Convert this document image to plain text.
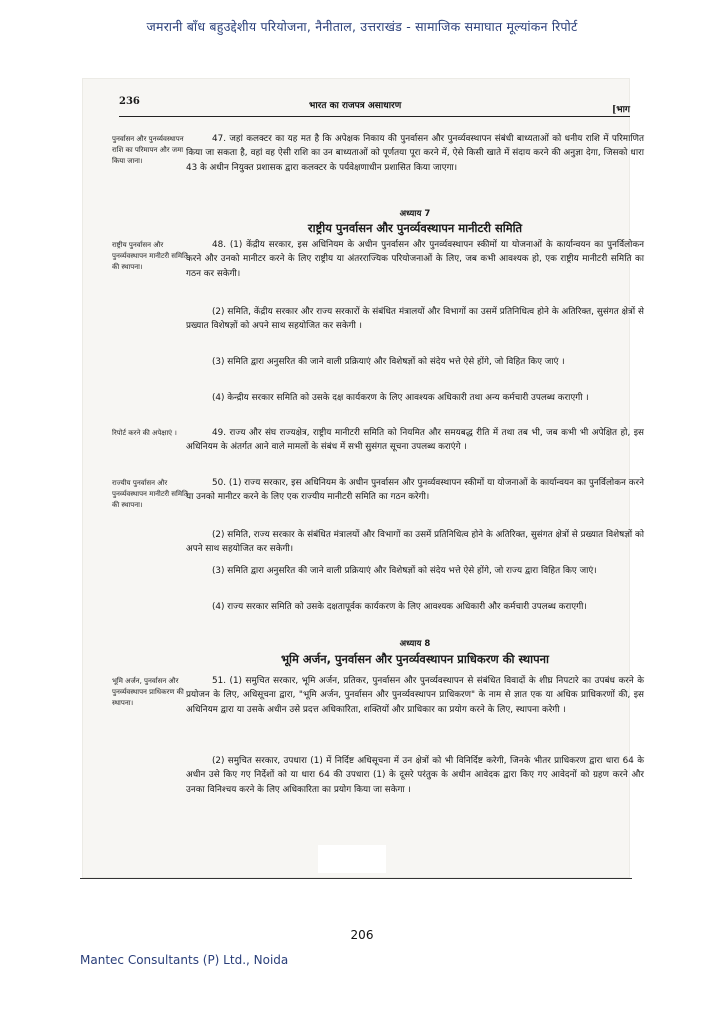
जमरानी बाँध बहुउद्देशीय परियोजना, नैनीताल, उत्तराखंड - सामाजिक समाघात मूल्यांकन रिपोर्ट
236	भारत का राजपत्र असाधारण	[भाग
पुनर्वासन और पुनर्व्यवस्थापन राशि का परिमापन और जमा किया जाना।
47. जहां कलक्टर का यह मत है कि अपेक्षक निकाय की पुनर्वासन और पुनर्व्यवस्थापन संबंधी बाध्यताओं को धनीय राशि में परिमाणित किया जा सकता है, वहां वह ऐसी राशि का उन बाध्यताओं को पूर्णतया पूरा करने में, ऐसे किसी खाते में संदाय करने की अनुज्ञा देगा, जिसको धारा 43 के अधीन नियुक्त प्रशासक द्वारा कलक्टर के पर्यवेक्षणाधीन प्रशासित किया जाएगा।
अध्याय 7
राष्ट्रीय पुनर्वासन और पुनर्व्यवस्थापन मानीटरी समिति
राष्ट्रीय पुनर्वासन और पुनर्व्यवस्थापन मानीटरी समिति की स्थापना।
48. (1) केंद्रीय सरकार, इस अधिनियम के अधीन पुनर्वासन और पुनर्व्यवस्थापन स्कीमों या योजनाओं के कार्यान्वयन का पुनर्विलोकन करने और उनको मानीटर करने के लिए राष्ट्रीय या अंतरराज्यिक परियोजनाओं के लिए, जब कभी आवश्यक हो, एक राष्ट्रीय मानीटरी समिति का गठन कर सकेगी।
(2) समिति, केंद्रीय सरकार और राज्य सरकारों के संबंधित मंत्रालयों और विभागों का उसमें प्रतिनिधित्व होने के अतिरिक्त, सुसंगत क्षेत्रों से प्रख्यात विशेषज्ञों को अपने साथ सहयोजित कर सकेगी ।
(3) समिति द्वारा अनुसरित की जाने वाली प्रक्रियाएं और विशेषज्ञों को संदेय भत्ते ऐसे होंगे, जो विहित किए जाएं ।
(4) केन्द्रीय सरकार समिति को उसके दक्ष कार्यकरण के लिए आवश्यक अधिकारी तथा अन्य कर्मचारी उपलब्ध कराएगी ।
रिपोर्ट करने की अपेक्षाएं ।	49. राज्य और संघ राज्यक्षेत्र, राष्ट्रीय मानीटरी समिति को नियमित और समयबद्ध रीति में तथा तब भी, जब कभी भी अपेक्षित हो, इस अधिनियम के अंतर्गत आने वाले मामलों के संबंध में सभी सुसंगत सूचना उपलब्ध कराएंगे ।
राज्यीय पुनर्वासन और पुनर्व्यवस्थापन मानीटरी समिति की स्थापना।
50. (1) राज्य सरकार, इस अधिनियम के अधीन पुनर्वासन और पुनर्व्यवस्थापन स्कीमों या योजनाओं के कार्यान्वयन का पुनर्विलोकन करने या उनको मानीटर करने के लिए एक राज्यीय मानीटरी समिति का गठन करेगी।
(2) समिति, राज्य सरकार के संबंधित मंत्रालयों और विभागों का उसमें प्रतिनिधित्व होने के अतिरिक्त, सुसंगत क्षेत्रों से प्रख्यात विशेषज्ञों को अपने साथ सहयोजित कर सकेगी।
(3) समिति द्वारा अनुसरित की जाने वाली प्रक्रियाएं और विशेषज्ञों को संदेय भत्ते ऐसे होंगे, जो राज्य द्वारा विहित किए जाएं।
(4) राज्य सरकार समिति को उसके दक्षतापूर्वक कार्यकरण के लिए आवश्यक अधिकारी और कर्मचारी उपलब्ध कराएगी।
अध्याय 8
भूमि अर्जन, पुनर्वासन और पुनर्व्यवस्थापन प्राधिकरण की स्थापना
भूमि अर्जन, पुनर्वासन और पुनर्व्यवस्थापन प्राधिकरण की स्थापना।
51. (1) समुचित सरकार, भूमि अर्जन, प्रतिकर, पुनर्वासन और पुनर्व्यवस्थापन से संबंधित विवादों के शीघ्र निपटारे का उपबंध करने के प्रयोजन के लिए, अधिसूचना द्वारा, "भूमि अर्जन, पुनर्वासन और पुनर्व्यवस्थापन प्राधिकरण" के नाम से ज्ञात एक या अधिक प्राधिकरणों की, इस अधिनियम द्वारा या उसके अधीन उसे प्रदत्त अधिकारिता, शक्तियों और प्राधिकार का प्रयोग करने के लिए, स्थापना करेगी ।
(2) समुचित सरकार, उपधारा (1) में निर्दिष्ट अधिसूचना में उन क्षेत्रों को भी विनिर्दिष्ट करेगी, जिनके भीतर प्राधिकरण द्वारा धारा 64 के अधीन उसे किए गए निर्देशों को या धारा 64 की उपधारा (1) के दूसरे परंतुक के अधीन आवेदक द्वारा किए गए आवेदनों को ग्रहण करने और उनका विनिश्चय करने के लिए अधिकारिता का प्रयोग किया जा सकेगा ।
206
Mantec Consultants (P) Ltd., Noida
